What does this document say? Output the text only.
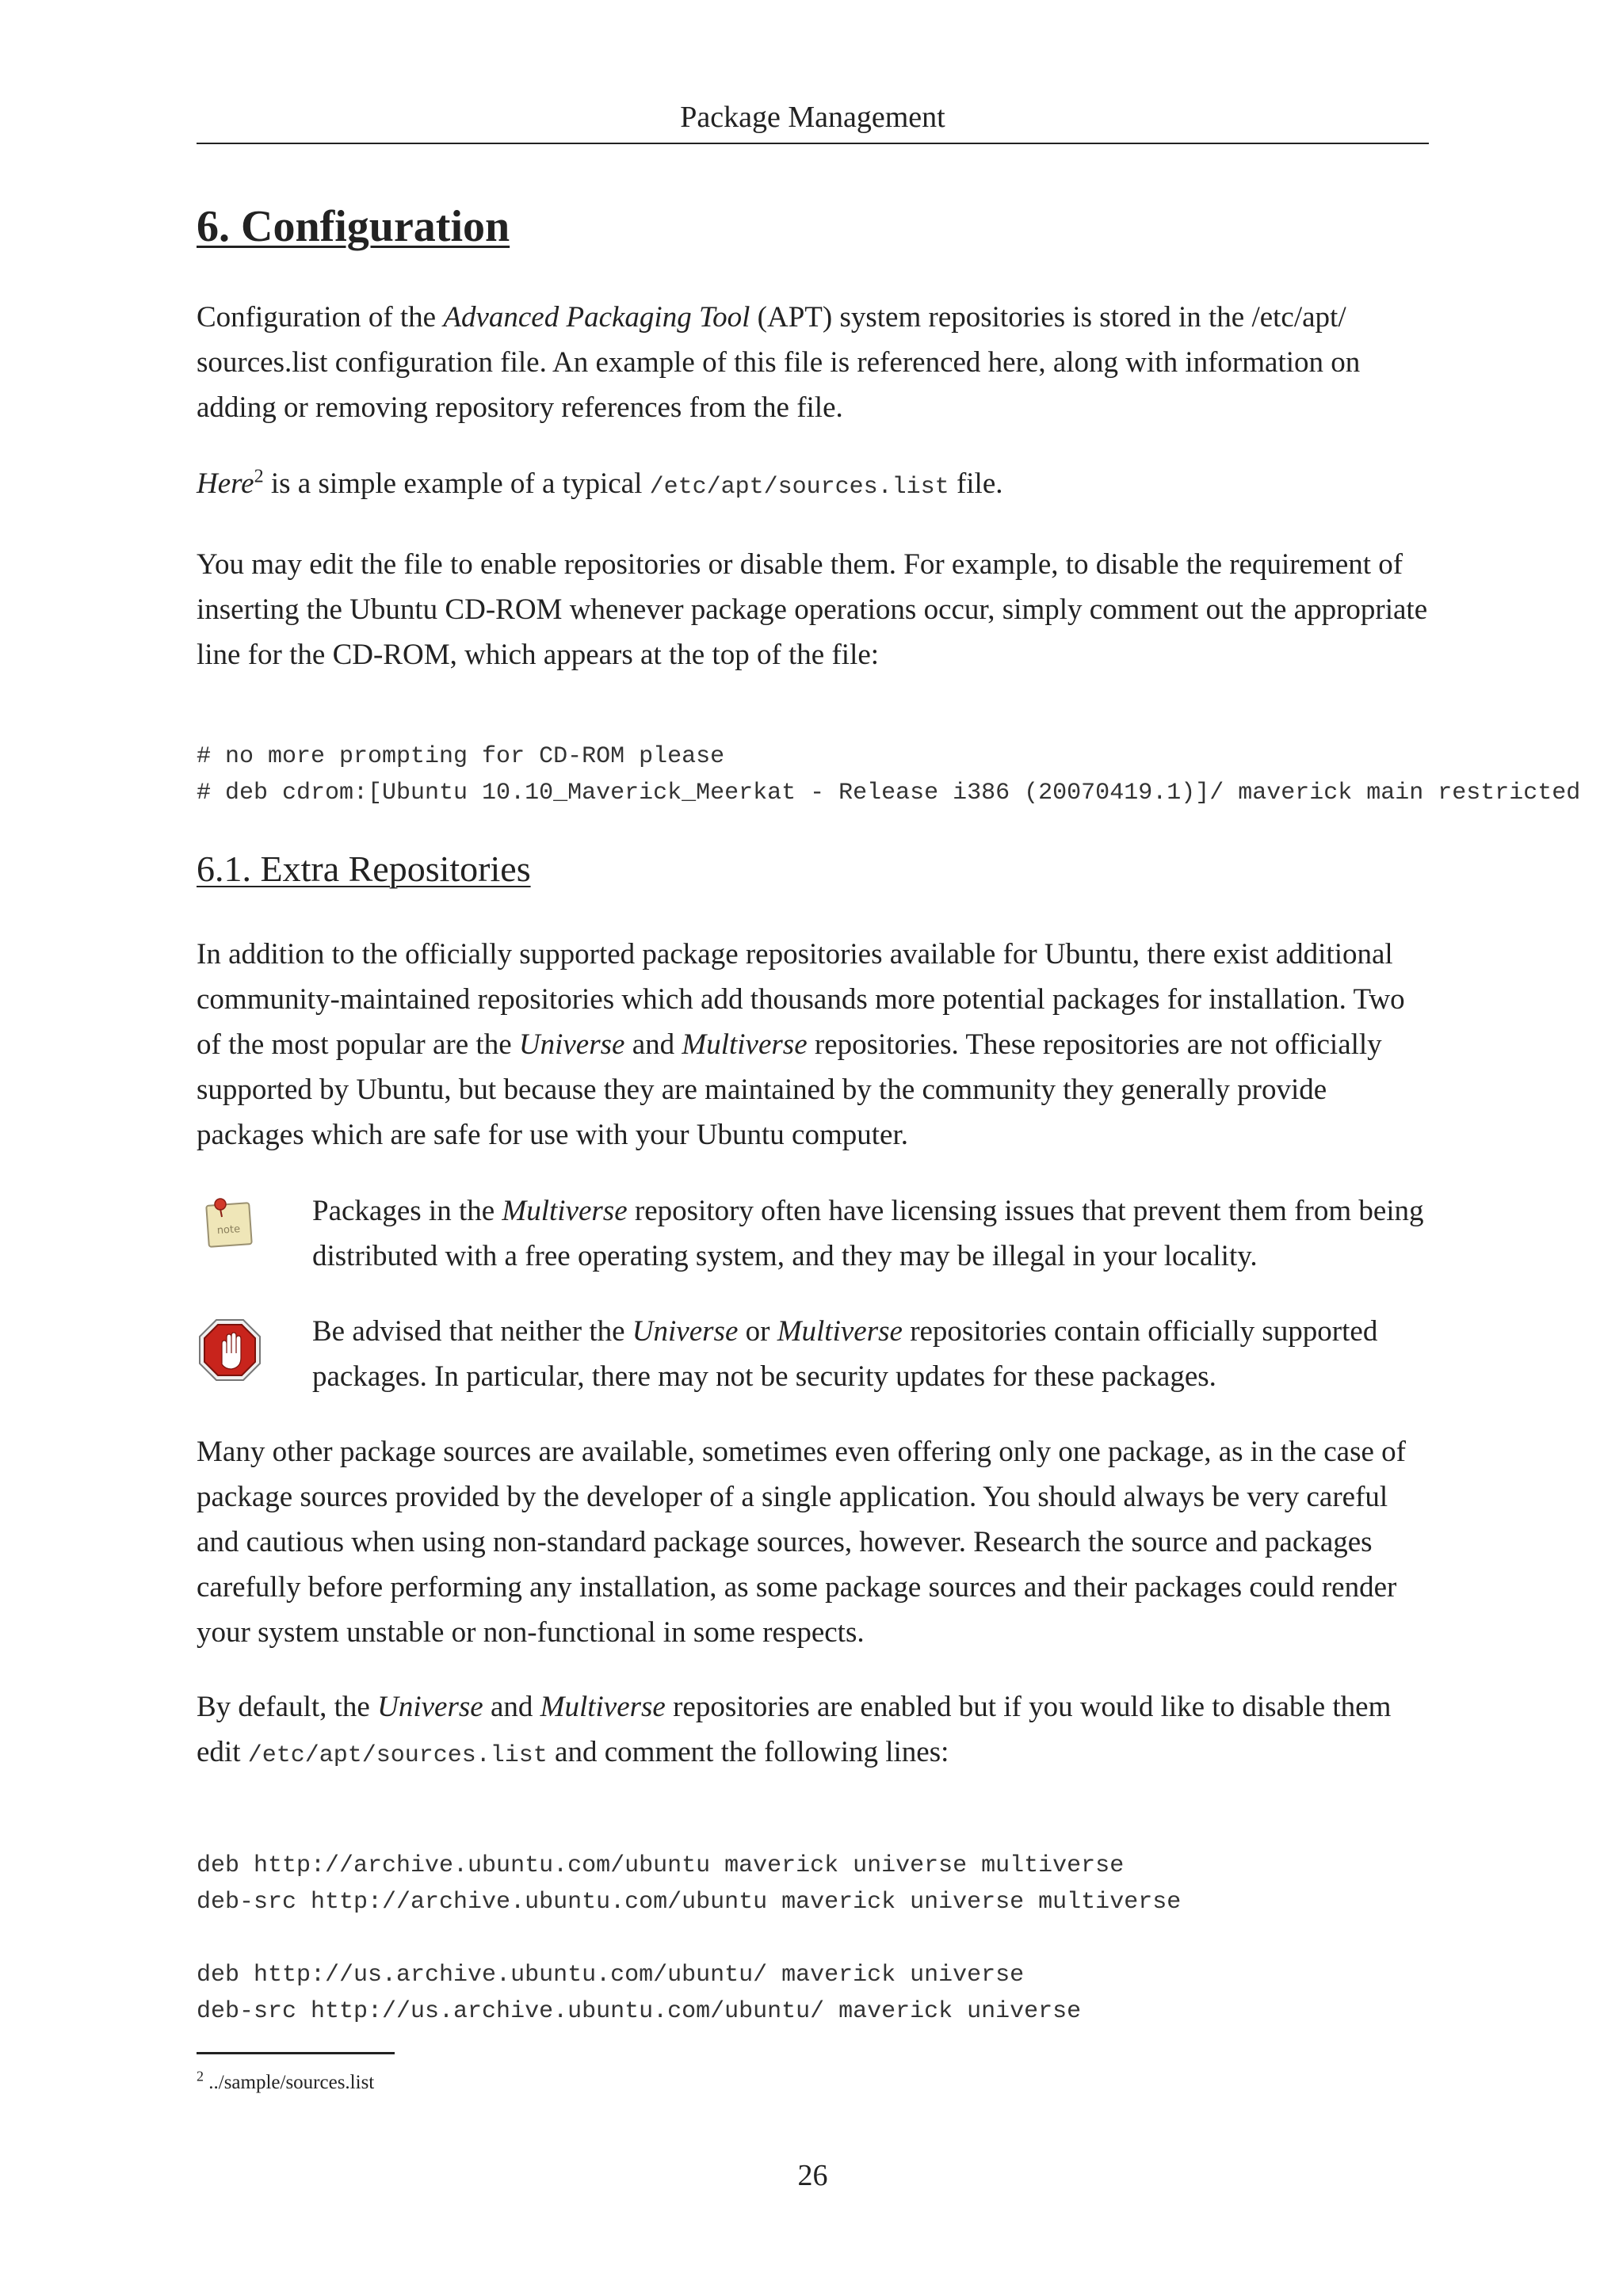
Package Management
6. Configuration

Configuration of the Advanced Packaging Tool (APT) system repositories is stored in the /etc/apt/ sources.list configuration file. An example of this file is referenced here, along with information on adding or removing repository references from the file.

Here$^2$ is a simple example of a typical /etc/apt/sources.list file.

You may edit the file to enable repositories or disable them. For example, to disable the requirement of inserting the Ubuntu CD-ROM whenever package operations occur, simply comment out the appropriate line for the CD-ROM, which appears at the top of the file:

# no more prompting for CD-ROM please
# deb cdrom:[Ubuntu 10.10_Maverick_Meerkat - Release i386 (20070419.1)]/ maverick main restricted
6.1. Extra Repositories

In addition to the officially supported package repositories available for Ubuntu, there exist additional community-maintained repositories which add thousands more potential packages for installation. Two of the most popular are the Universe and Multiverse repositories. These repositories are not officially supported by Ubuntu, but because they are maintained by the community they generally provide packages which are safe for use with your Ubuntu computer.

note
Packages in the Multiverse repository often have licensing issues that prevent them from being distributed with a free operating system, and they may be illegal in your locality.
Be advised that neither the Universe or Multiverse repositories contain officially supported packages. In particular, there may not be security updates for these packages.

Many other package sources are available, sometimes even offering only one package, as in the case of package sources provided by the developer of a single application. You should always be very careful and cautious when using non-standard package sources, however. Research the source and packages carefully before performing any installation, as some package sources and their packages could render your system unstable or non-functional in some respects.

By default, the Universe and Multiverse repositories are enabled but if you would like to disable them edit /etc/apt/sources.list and comment the following lines:

deb http://archive.ubuntu.com/ubuntu maverick universe multiverse
deb-src http://archive.ubuntu.com/ubuntu maverick universe multiverse
deb http://us.archive.ubuntu.com/ubuntu/ maverick universe
deb-src http://us.archive.ubuntu.com/ubuntu/ maverick universe
$^2$ ../sample/sources.list
26
